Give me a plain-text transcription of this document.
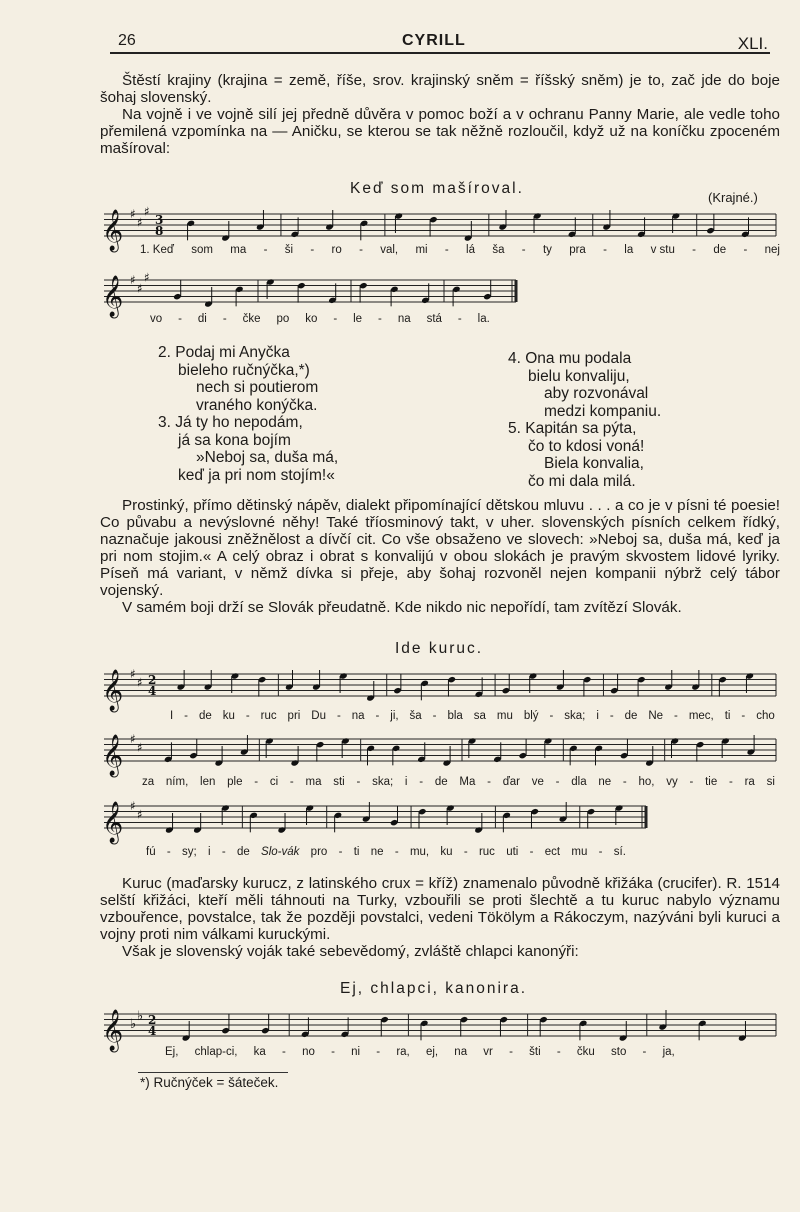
26	CYRILL	XLI.

Štěstí krajiny (krajina = země, říše, srov. krajinský sněm = říšský sněm) je to, zač jde do boje šohaj slovenský.

Na vojně i ve vojně silí jej předně důvěra v pomoc boží a v ochranu Panny Marie, ale vedle toho přemilená vzpomínka na — Aničku, se kterou se tak něžně rozloučil, když už na koníčku zpoceném mašíroval:

Keď som mašíroval.
(Krajné.)
𝄞 ♯
♯
♯
3
8
1. Keď som ma - ši - ro - val, mi - lá ša - ty pra - la v stu - de - nej
𝄞 ♯
♯
♯
vo - di - čke po ko - le - na stá - la.
2. Podaj mi Anyčka
bieleho ručnýčka,*)
nech si poutierom
vraného konýčka.
3. Já ty ho nepodám,
já sa kona bojím
»Neboj sa, duša má,
keď ja pri nom stojím!«
4. Ona mu podala
bielu konvaliju,
aby rozvonával
medzi kompaniu.
5. Kapitán sa pýta,
čo to kdosi voná!
Biela konvalia,
čo mi dala milá.

Prostinký, přímo dětinský nápěv, dialekt připomínající dětskou mluvu . . . a co je v písni té poesie! Co půvabu a nevýslovné něhy! Také tříosminový takt, v uher. slovenských písních celkem řídký, naznačuje jakousi zněžnělost a dívčí cit. Co vše obsaženo ve slovech: »Neboj sa, duša má, keď ja pri nom stojim.« A celý obraz i obrat s konvalijú v obou slokách je pravým skvostem lidové lyriky. Píseň má variant, v němž dívka si přeje, aby šohaj rozvoněl nejen kompanii nýbrž celý tábor vojenský.

V samém boji drží se Slovák přeudatně. Kde nikdo nic nepořídí, tam zvítězí Slovák.

Ide kuruc.
𝄞 ♯
♯ 2
4
I - de ku - ruc pri Du - na - ji, ša - bla sa mu blý - ska; i - de Ne - mec, ti - cho
𝄞 ♯
♯
za ním, len ple - ci - ma sti - ska; i - de Ma - ďar ve - dla ne - ho, vy - tie - ra si
𝄞 ♯
♯
fú - sy; i - de Slo-vák pro - ti ne - mu, ku - ruc uti - ect mu - sí.

Kuruc (maďarsky kurucz, z latinského crux = kříž) znamenalo původně křižáka (crucifer). R. 1514 selští křižáci, kteří měli táhnouti na Turky, vzbouřili se proti šlechtě a tu kuruc nabylo významu vzbouřence, povstalce, tak že později povstalci, vedeni Tökölym a Rákoczym, nazýváni byli kuruci a vojny proti nim válkami kuruckými.

Však je slovenský voják také sebevědomý, zvláště chlapci kanonýři:

Ej, chlapci, kanonira.
𝄞 ♭
♭ 2
4
Ej, chlap-ci, ka - no - ni - ra, ej, na vr - šti - čku sto - ja,
*) Ručnýček = šáteček.
